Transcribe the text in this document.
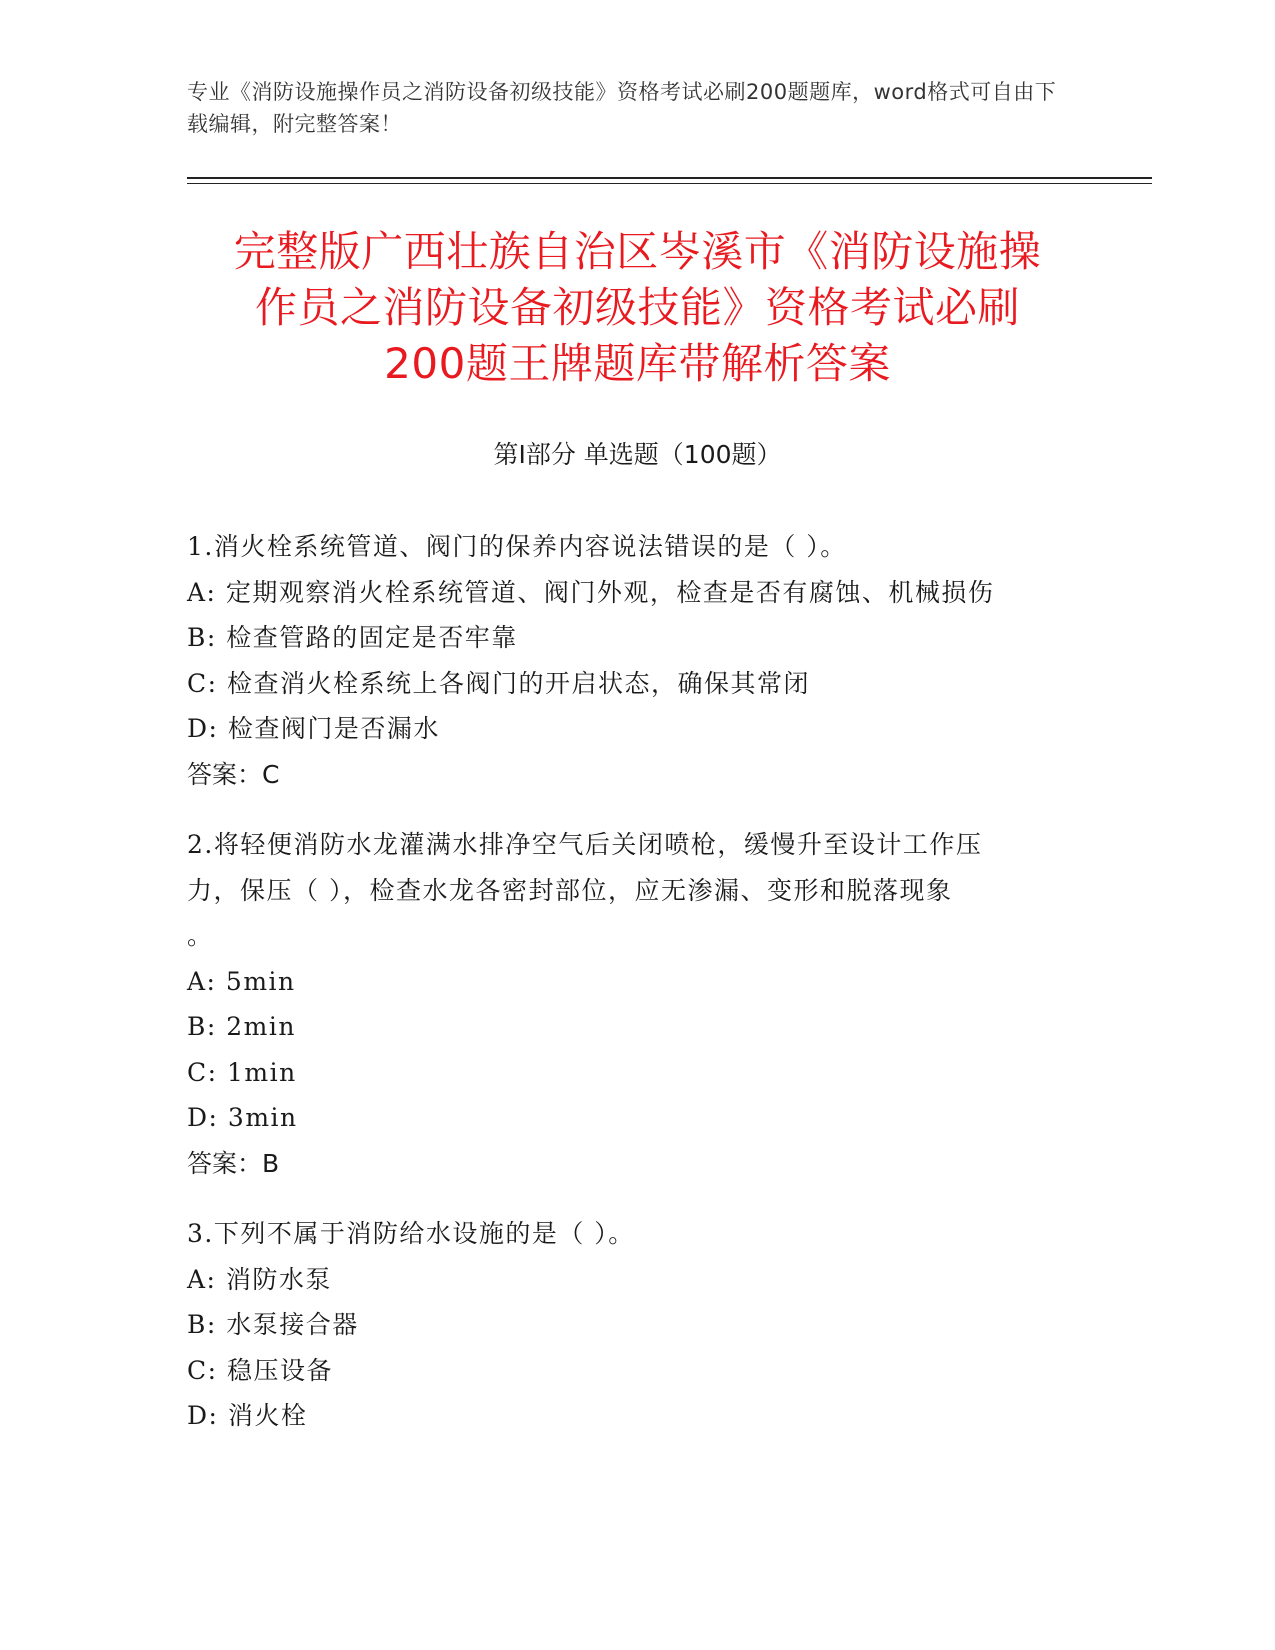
专业《消防设施操作员之消防设备初级技能》资格考试必刷200题题库，word格式可自由下载编辑，附完整答案！
完整版广西壮族自治区岑溪市《消防设施操
作员之消防设备初级技能》资格考试必刷
200题王牌题库带解析答案
第Ⅰ部分 单选题（100题）
1.消火栓系统管道、阀门的保养内容说法错误的是（ ）。
A: 定期观察消火栓系统管道、阀门外观，检查是否有腐蚀、机械损伤
B: 检查管路的固定是否牢靠
C: 检查消火栓系统上各阀门的开启状态，确保其常闭
D: 检查阀门是否漏水
答案：C
2.将轻便消防水龙灌满水排净空气后关闭喷枪，缓慢升至设计工作压
力，保压（ ），检查水龙各密封部位，应无渗漏、变形和脱落现象
。
A: 5min
B: 2min
C: 1min
D: 3min
答案：B
3.下列不属于消防给水设施的是（ ）。
A: 消防水泵
B: 水泵接合器
C: 稳压设备
D: 消火栓
